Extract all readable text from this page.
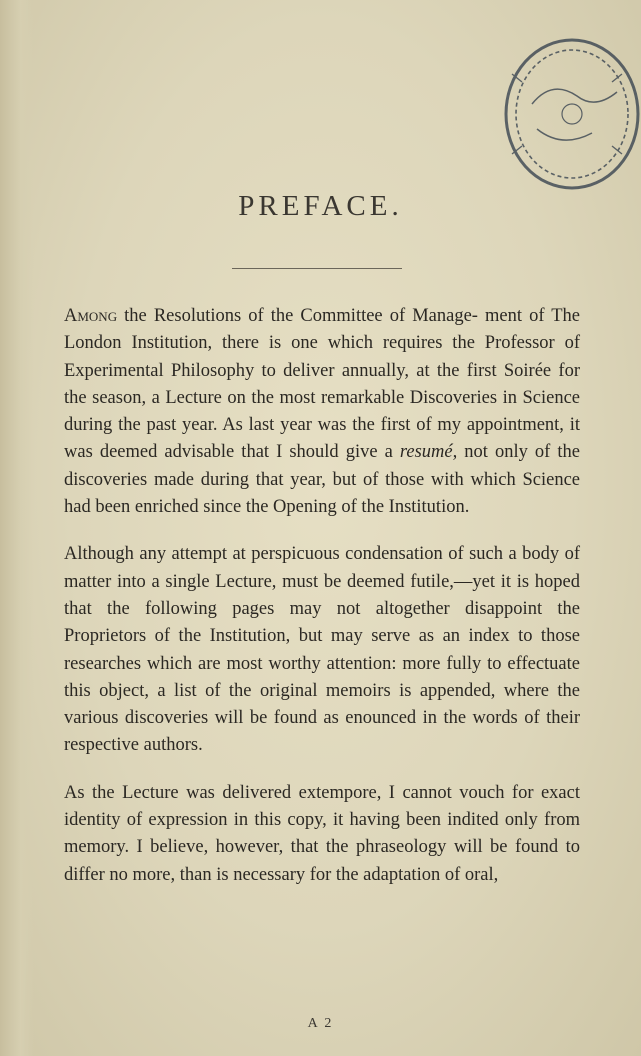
PREFACE.

Among the Resolutions of the Committee of Manage- ment of The London Institution, there is one which requires the Professor of Experimental Philosophy to deliver annually, at the first Soirée for the season, a Lecture on the most remarkable Discoveries in Science during the past year. As last year was the first of my appointment, it was deemed advisable that I should give a resumé, not only of the discoveries made during that year, but of those with which Science had been enriched since the Opening of the Institution.

Although any attempt at perspicuous condensation of such a body of matter into a single Lecture, must be deemed futile,—yet it is hoped that the following pages may not altogether disappoint the Proprietors of the Institution, but may serve as an index to those researches which are most worthy attention: more fully to effectuate this object, a list of the original memoirs is appended, where the various discoveries will be found as enounced in the words of their respective authors.

As the Lecture was delivered extempore, I cannot vouch for exact identity of expression in this copy, it having been indited only from memory. I believe, however, that the phraseology will be found to differ no more, than is necessary for the adaptation of oral,

A 2
